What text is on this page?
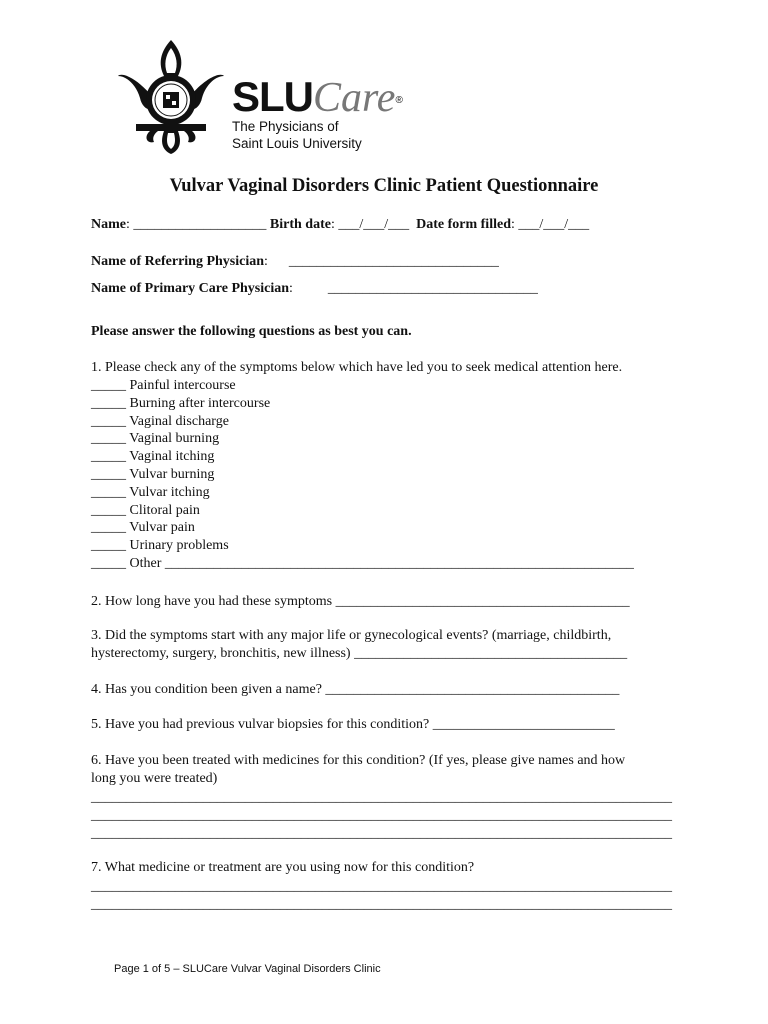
SLUCare®
The Physicians of
Saint Louis University
Vulvar Vaginal Disorders Clinic Patient Questionnaire
Name: ___________________ Birth date: ___/___/___  Date form filled: ___/___/___
Name of Referring Physician:      ______________________________
Name of Primary Care Physician:          ______________________________
Please answer the following questions as best you can.
1. Please check any of the symptoms below which have led you to seek medical attention here.
_____ Painful intercourse
_____ Burning after intercourse
_____ Vaginal discharge
_____ Vaginal burning
_____ Vaginal itching
_____ Vulvar burning
_____ Vulvar itching
_____ Clitoral pain
_____ Vulvar pain
_____ Urinary problems
_____ Other ___________________________________________________________________
2. How long have you had these symptoms __________________________________________
3. Did the symptoms start with any major life or gynecological events? (marriage, childbirth,
hysterectomy, surgery, bronchitis, new illness) _______________________________________
4. Has you condition been given a name? __________________________________________
5. Have you had previous vulvar biopsies for this condition? __________________________
6. Have you been treated with medicines for this condition? (If yes, please give names and how
long you were treated)
___________________________________________________________________________________
___________________________________________________________________________________
___________________________________________________________________________________
7. What medicine or treatment are you using now for this condition?
___________________________________________________________________________________
___________________________________________________________________________________
Page 1 of 5 – SLUCare Vulvar Vaginal Disorders Clinic
